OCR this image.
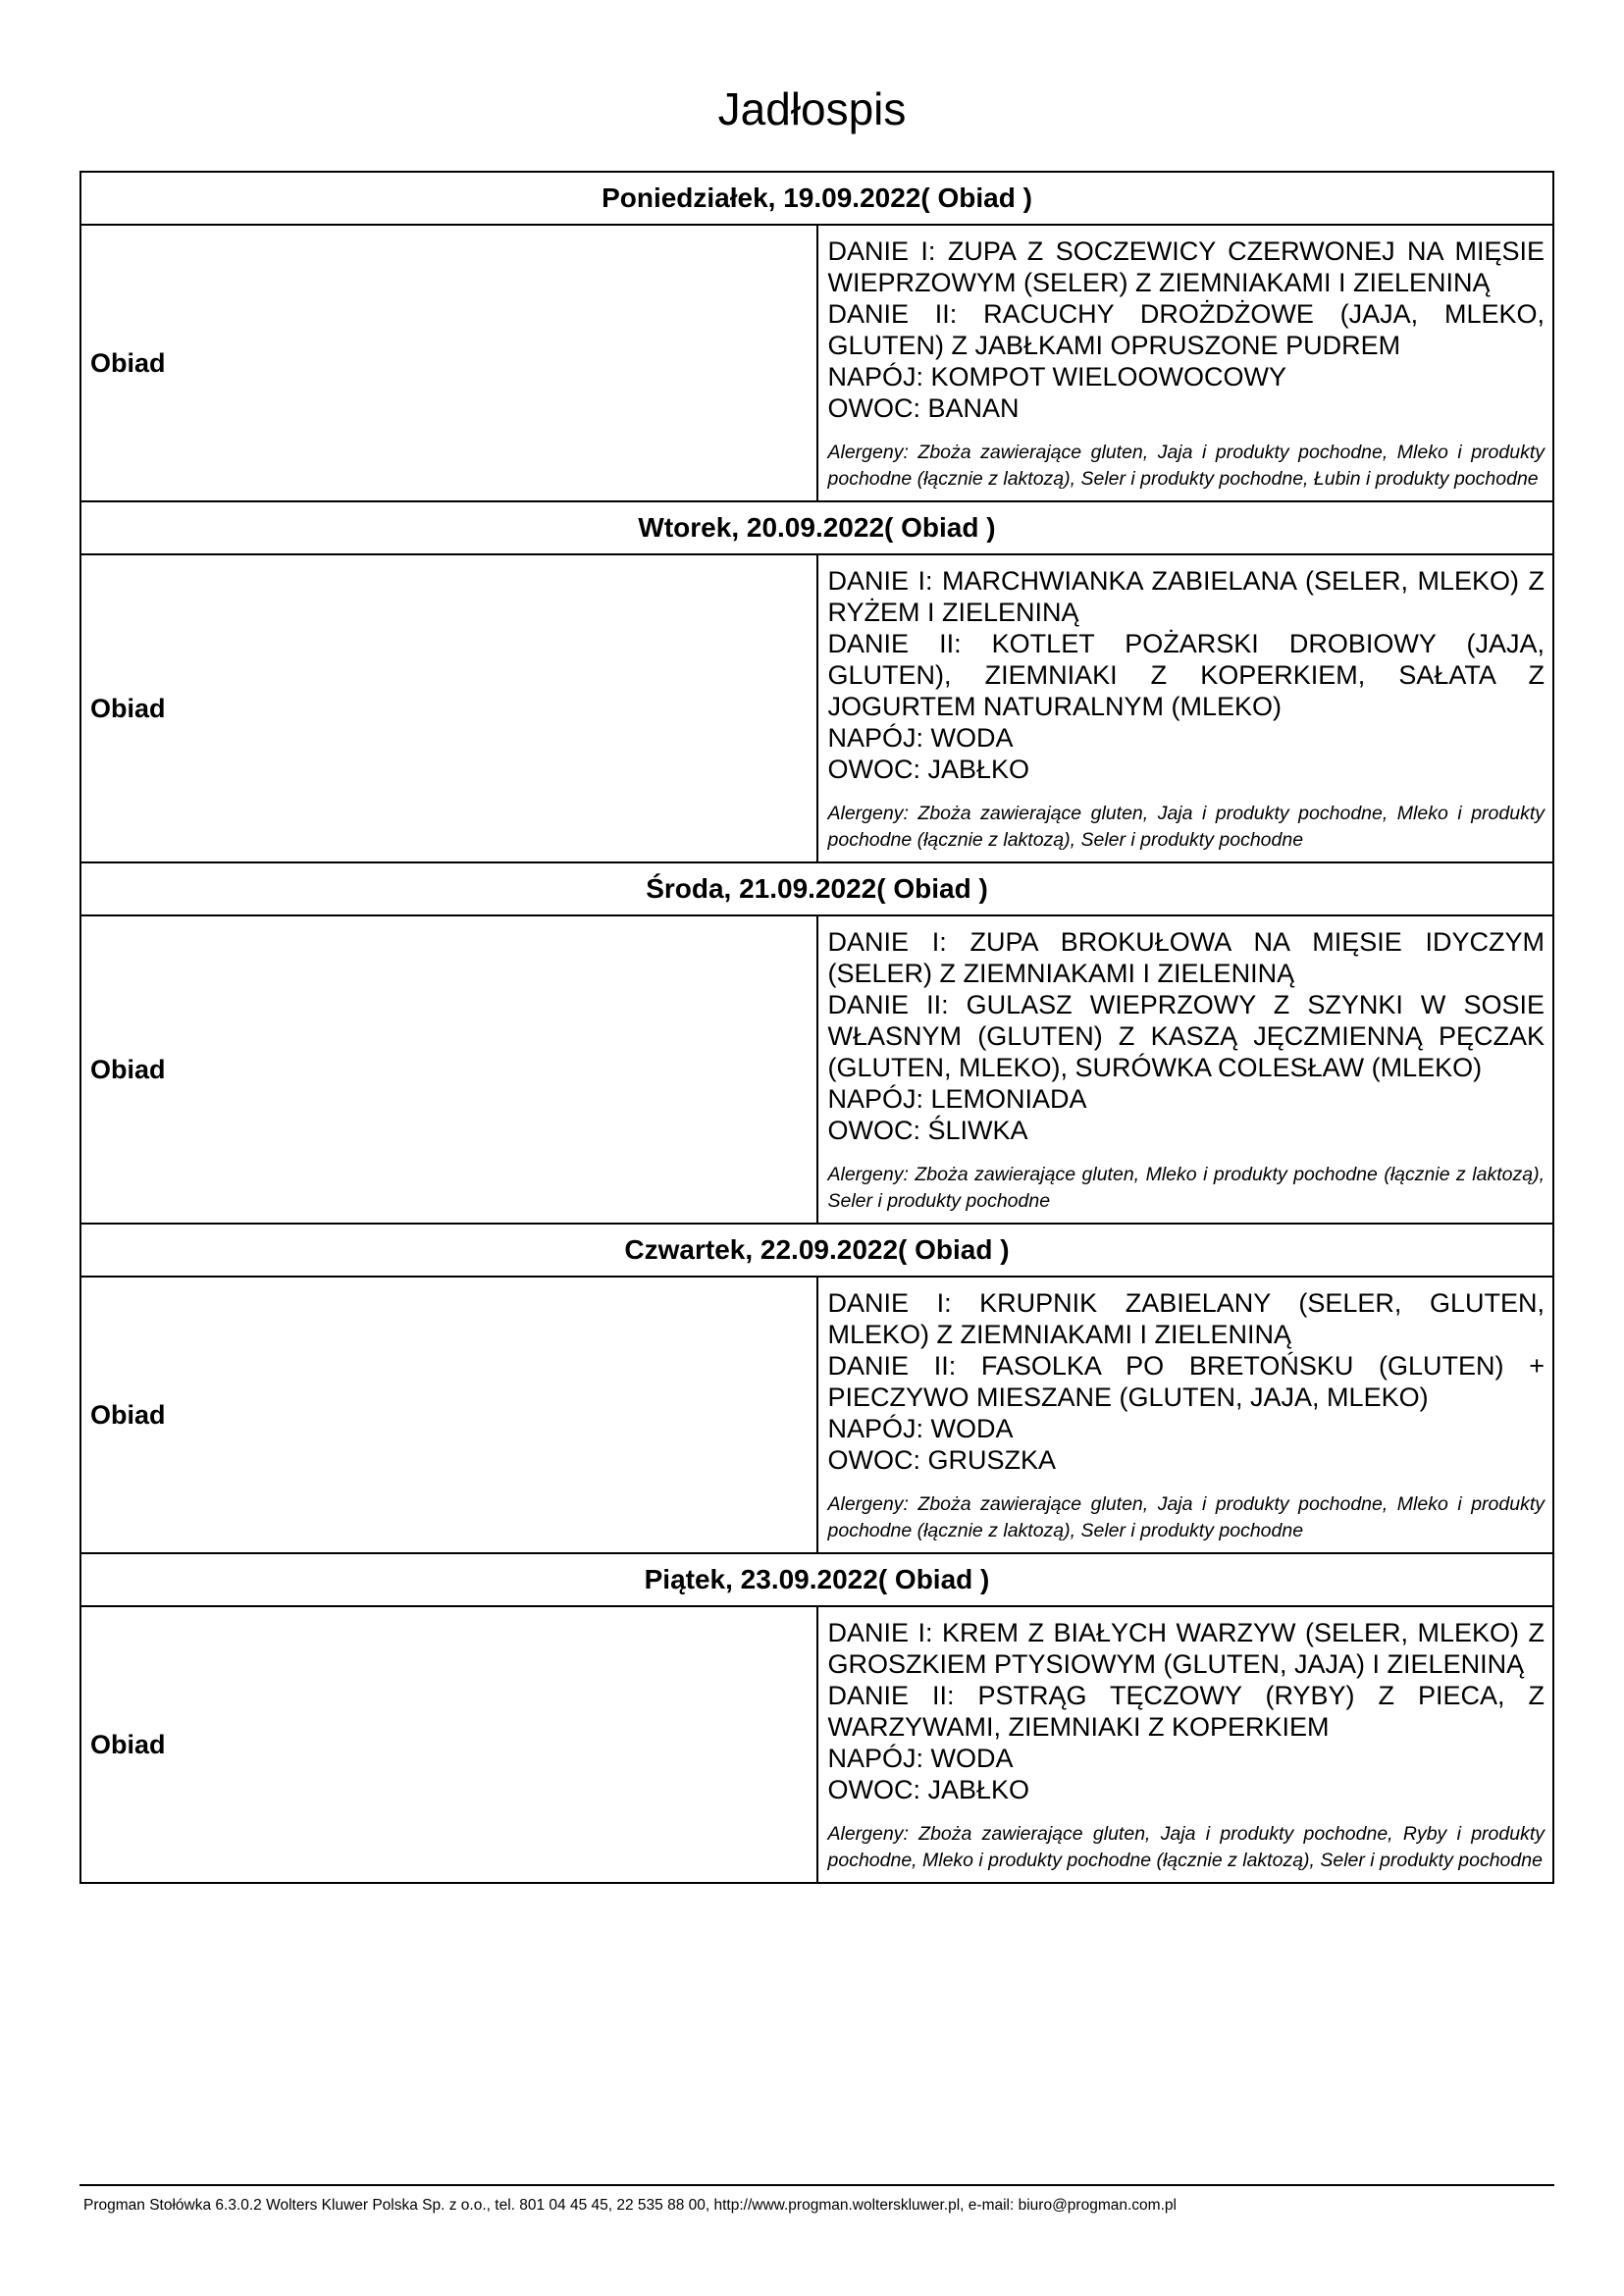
Jadłospis
Poniedziałek, 19.09.2022( Obiad )	
Obiad	DANIE I: ZUPA Z SOCZEWICY CZERWONEJ NA MIĘSIE WIEPRZOWYM (SELER) Z ZIEMNIAKAMI I ZIELENINĄ
DANIE II: RACUCHY DROŻDŻOWE (JAJA, MLEKO, GLUTEN) Z JABŁKAMI OPRUSZONE PUDREM
NAPÓJ: KOMPOT WIELOOWOCOWY
OWOC: BANAN
Alergeny: Zboża zawierające gluten, Jaja i produkty pochodne, Mleko i produkty pochodne (łącznie z laktozą), Seler i produkty pochodne, Łubin i produkty pochodne

Wtorek, 20.09.2022( Obiad )	
Obiad	DANIE I: MARCHWIANKA ZABIELANA (SELER, MLEKO) Z RYŻEM I ZIELENINĄ
DANIE II: KOTLET POŻARSKI DROBIOWY (JAJA, GLUTEN), ZIEMNIAKI Z KOPERKIEM, SAŁATA Z JOGURTEM NATURALNYM (MLEKO)
NAPÓJ: WODA
OWOC: JABŁKO
Alergeny: Zboża zawierające gluten, Jaja i produkty pochodne, Mleko i produkty pochodne (łącznie z laktozą), Seler i produkty pochodne

Środa, 21.09.2022( Obiad )	
Obiad	DANIE I: ZUPA BROKUŁOWA NA MIĘSIE IDYCZYM (SELER) Z ZIEMNIAKAMI I ZIELENINĄ
DANIE II: GULASZ WIEPRZOWY Z SZYNKI W SOSIE WŁASNYM (GLUTEN) Z KASZĄ JĘCZMIENNĄ PĘCZAK (GLUTEN, MLEKO), SURÓWKA COLESŁAW (MLEKO)
NAPÓJ: LEMONIADA
OWOC: ŚLIWKA
Alergeny: Zboża zawierające gluten, Mleko i produkty pochodne (łącznie z laktozą), Seler i produkty pochodne

Czwartek, 22.09.2022( Obiad )	
Obiad	DANIE I: KRUPNIK ZABIELANY (SELER, GLUTEN, MLEKO) Z ZIEMNIAKAMI I ZIELENINĄ
DANIE II: FASOLKA PO BRETOŃSKU (GLUTEN) + PIECZYWO MIESZANE (GLUTEN, JAJA, MLEKO)
NAPÓJ: WODA
OWOC: GRUSZKA
Alergeny: Zboża zawierające gluten, Jaja i produkty pochodne, Mleko i produkty pochodne (łącznie z laktozą), Seler i produkty pochodne

Piątek, 23.09.2022( Obiad )	
Obiad	DANIE I: KREM Z BIAŁYCH WARZYW (SELER, MLEKO) Z GROSZKIEM PTYSIOWYM (GLUTEN, JAJA) I ZIELENINĄ
DANIE II: PSTRĄG TĘCZOWY (RYBY) Z PIECA, Z WARZYWAMI, ZIEMNIAKI Z KOPERKIEM
NAPÓJ: WODA
OWOC: JABŁKO
Alergeny: Zboża zawierające gluten, Jaja i produkty pochodne, Ryby i produkty pochodne, Mleko i produkty pochodne (łącznie z laktozą), Seler i produkty pochodne
Progman Stołówka 6.3.0.2 Wolters Kluwer Polska Sp. z o.o., tel. 801 04 45 45, 22 535 88 00, http://www.progman.wolterskluwer.pl, e-mail: biuro@progman.com.pl
